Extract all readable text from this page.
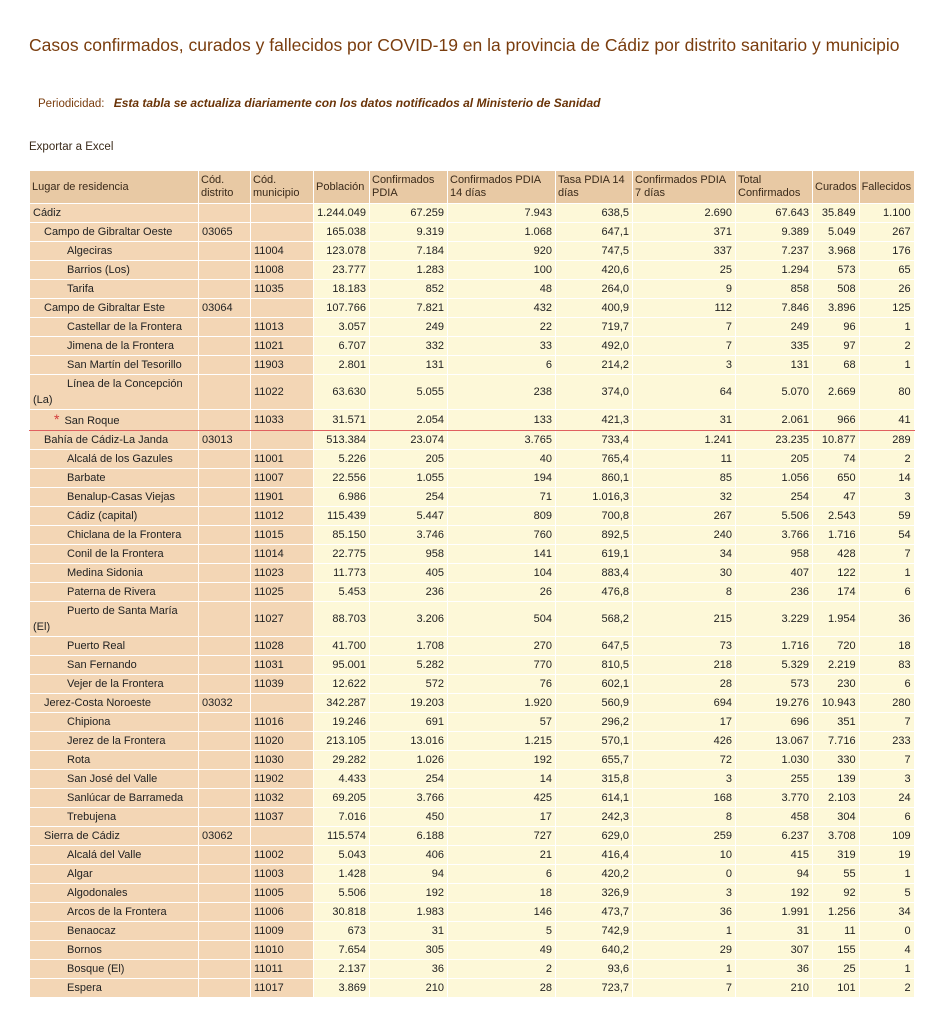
Casos confirmados, curados y fallecidos por COVID-19 en la provincia de Cádiz por distrito sanitario y municipio
Periodicidad: Esta tabla se actualiza diariamente con los datos notificados al Ministerio de Sanidad
Exportar a Excel
Lugar de residencia	Cód. distrito	Cód. municipio	Población	Confirmados PDIA	Confirmados PDIA 14 días	Tasa PDIA 14 días	Confirmados PDIA 7 días	Total Confirmados	Curados	Fallecidos
Cádiz			1.244.049	67.259	7.943	638,5	2.690	67.643	35.849	1.100
Campo de Gibraltar Oeste	03065		165.038	9.319	1.068	647,1	371	9.389	5.049	267
Algeciras		11004	123.078	7.184	920	747,5	337	7.237	3.968	176
Barrios (Los)		11008	23.777	1.283	100	420,6	25	1.294	573	65
Tarifa		11035	18.183	852	48	264,0	9	858	508	26
Campo de Gibraltar Este	03064		107.766	7.821	432	400,9	112	7.846	3.896	125
Castellar de la Frontera		11013	3.057	249	22	719,7	7	249	96	1
Jimena de la Frontera		11021	6.707	332	33	492,0	7	335	97	2
San Martín del Tesorillo		11903	2.801	131	6	214,2	3	131	68	1

Línea de la Concepción
(La)		11022	63.630	5.055	238	374,0	64	5.070	2.669	80
* San Roque		11033	31.571	2.054	133	421,3	31	2.061	966	41
Bahía de Cádiz-La Janda	03013		513.384	23.074	3.765	733,4	1.241	23.235	10.877	289
Alcalá de los Gazules		11001	5.226	205	40	765,4	11	205	74	2
Barbate		11007	22.556	1.055	194	860,1	85	1.056	650	14
Benalup-Casas Viejas		11901	6.986	254	71	1.016,3	32	254	47	3
Cádiz (capital)		11012	115.439	5.447	809	700,8	267	5.506	2.543	59
Chiclana de la Frontera		11015	85.150	3.746	760	892,5	240	3.766	1.716	54
Conil de la Frontera		11014	22.775	958	141	619,1	34	958	428	7
Medina Sidonia		11023	11.773	405	104	883,4	30	407	122	1
Paterna de Rivera		11025	5.453	236	26	476,8	8	236	174	6

Puerto de Santa María
(El)		11027	88.703	3.206	504	568,2	215	3.229	1.954	36
Puerto Real		11028	41.700	1.708	270	647,5	73	1.716	720	18
San Fernando		11031	95.001	5.282	770	810,5	218	5.329	2.219	83
Vejer de la Frontera		11039	12.622	572	76	602,1	28	573	230	6
Jerez-Costa Noroeste	03032		342.287	19.203	1.920	560,9	694	19.276	10.943	280
Chipiona		11016	19.246	691	57	296,2	17	696	351	7
Jerez de la Frontera		11020	213.105	13.016	1.215	570,1	426	13.067	7.716	233
Rota		11030	29.282	1.026	192	655,7	72	1.030	330	7
San José del Valle		11902	4.433	254	14	315,8	3	255	139	3
Sanlúcar de Barrameda		11032	69.205	3.766	425	614,1	168	3.770	2.103	24
Trebujena		11037	7.016	450	17	242,3	8	458	304	6
Sierra de Cádiz	03062		115.574	6.188	727	629,0	259	6.237	3.708	109
Alcalá del Valle		11002	5.043	406	21	416,4	10	415	319	19
Algar		11003	1.428	94	6	420,2	0	94	55	1
Algodonales		11005	5.506	192	18	326,9	3	192	92	5
Arcos de la Frontera		11006	30.818	1.983	146	473,7	36	1.991	1.256	34
Benaocaz		11009	673	31	5	742,9	1	31	11	0
Bornos		11010	7.654	305	49	640,2	29	307	155	4
Bosque (El)		11011	2.137	36	2	93,6	1	36	25	1
Espera		11017	3.869	210	28	723,7	7	210	101	2
